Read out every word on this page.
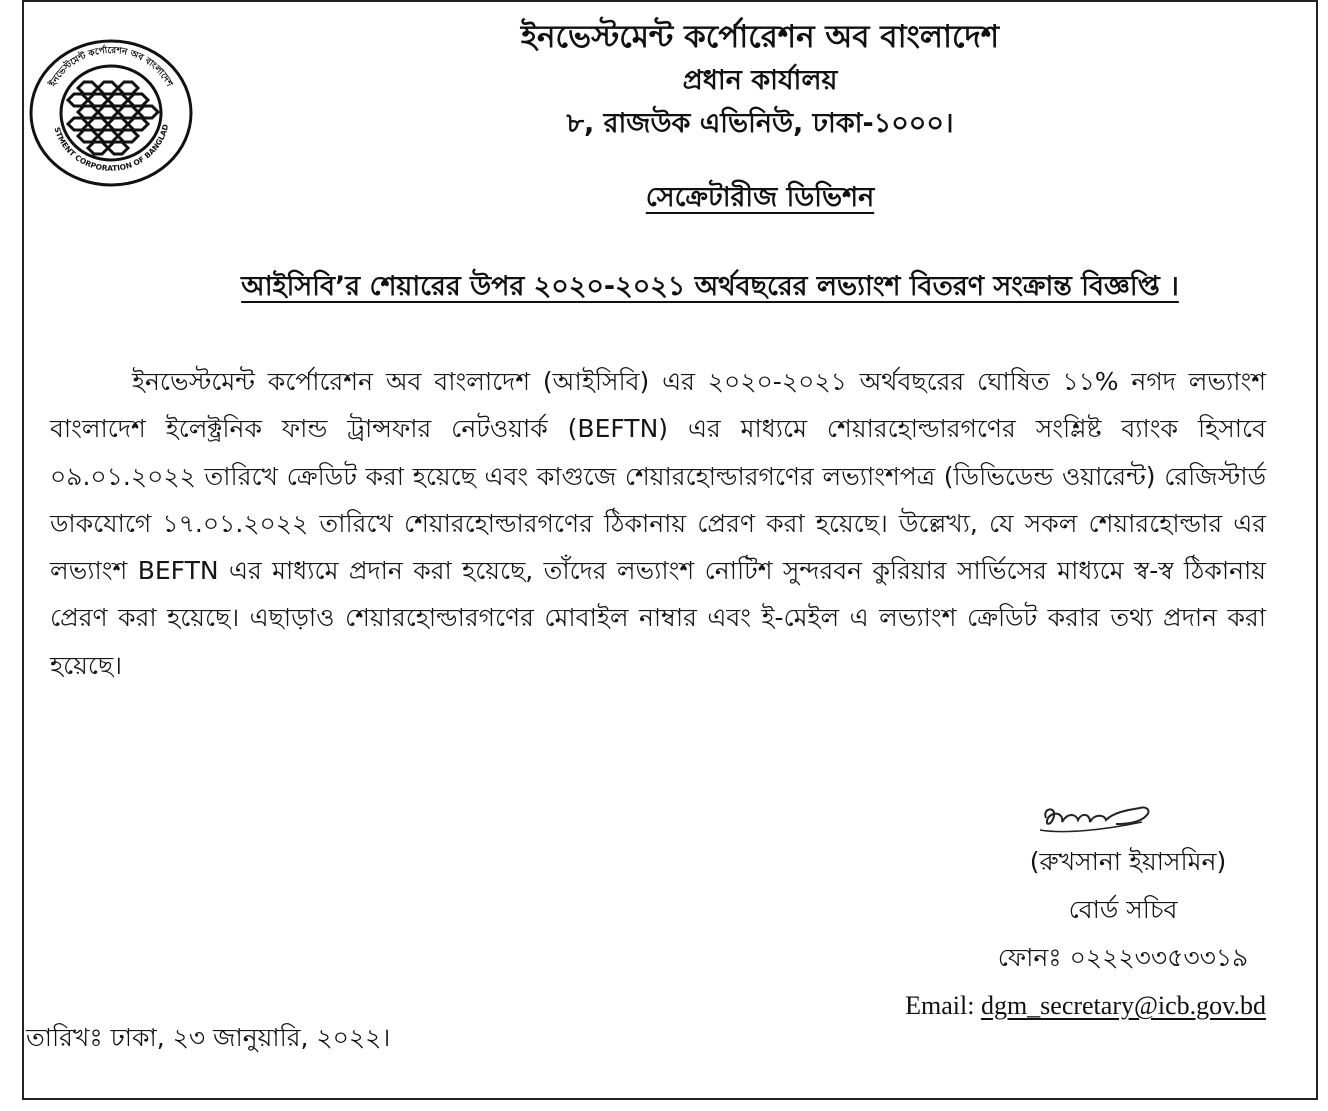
ইনভেস্টমেন্ট কর্পোরেশন অব বাংলাদেশ
STMENT CORPORATION OF BANGLAD
ইনভেস্টমেন্ট কর্পোরেশন অব বাংলাদেশ
প্রধান কার্যালয়
৮, রাজউক এভিনিউ, ঢাকা-১০০০।
সেক্রেটারীজ ডিভিশন
আইসিবি’র শেয়ারের উপর ২০২০-২০২১ অর্থবছরের লভ্যাংশ বিতরণ সংক্রান্ত বিজ্ঞপ্তি ।
ইনভেস্টমেন্ট কর্পোরেশন অব বাংলাদেশ (আইসিবি) এর ২০২০-২০২১ অর্থবছরের ঘোষিত ১১% নগদ লভ্যাংশ বাংলাদেশ ইলেক্ট্রনিক ফান্ড ট্রান্সফার নেটওয়ার্ক (BEFTN) এর মাধ্যমে শেয়ারহোল্ডারগণের সংশ্লিষ্ট ব্যাংক হিসাবে ০৯.০১.২০২২ তারিখে ক্রেডিট করা হয়েছে এবং কাগুজে শেয়ারহোল্ডারগণের লভ্যাংশপত্র (ডিভিডেন্ড ওয়ারেন্ট) রেজিস্টার্ড ডাকযোগে ১৭.০১.২০২২ তারিখে শেয়ারহোল্ডারগণের ঠিকানায় প্রেরণ করা হয়েছে। উল্লেখ্য, যে সকল শেয়ারহোল্ডার এর লভ্যাংশ BEFTN এর মাধ্যমে প্রদান করা হয়েছে, তাঁদের লভ্যাংশ নোটিশ সুন্দরবন কুরিয়ার সার্ভিসের মাধ্যমে স্ব-স্ব ঠিকানায় প্রেরণ করা হয়েছে। এছাড়াও শেয়ারহোল্ডারগণের মোবাইল নাম্বার এবং ই-মেইল এ লভ্যাংশ ক্রেডিট করার তথ্য প্রদান করা হয়েছে।
(রুখসানা ইয়াসমিন)
বোর্ড সচিব
ফোনঃ ০২২২৩৩৫৩৩১৯
Email: dgm_secretary@icb.gov.bd
তারিখঃ ঢাকা, ২৩ জানুয়ারি, ২০২২।
